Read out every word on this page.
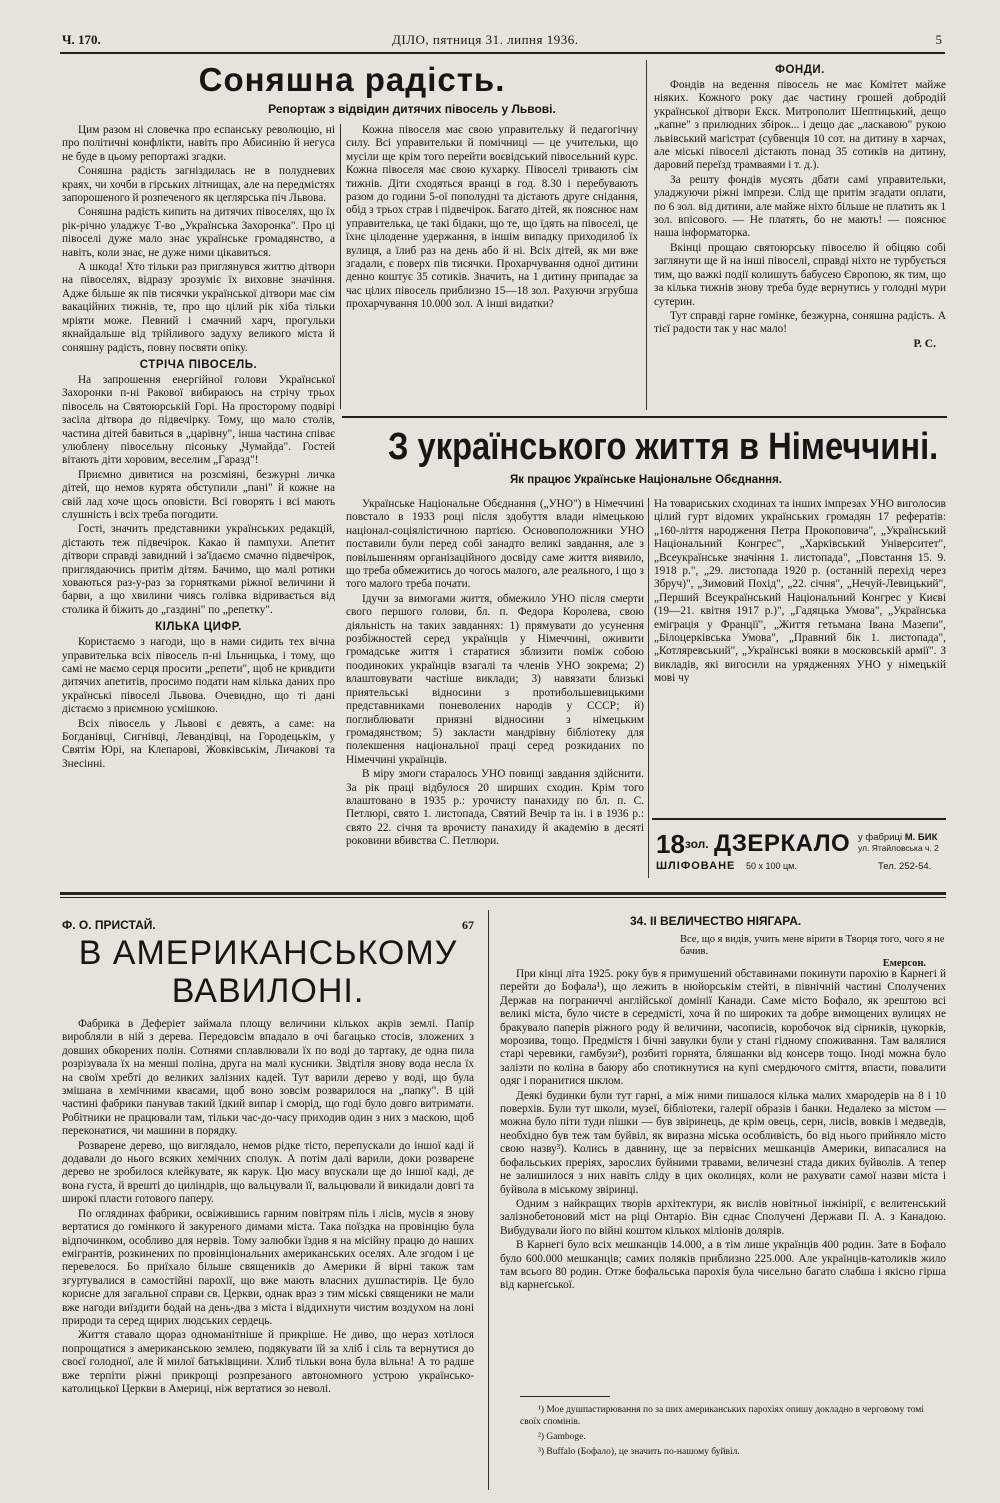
Ч. 170.	ДІЛО, пятниця 31. липня 1936.	5
Соняшна радість.
Репортаж з відвідин дитячих півосель у Львові.

Цим разом ні словечка про еспанську революцію, ні про політичні конфлікти, навіть про Абисинію й негуса не буде в цьому репортажі згадки.

Соняшна радість загніздилась не в полудневих краях, чи хочби в гірських літнищах, але на передмістях запорошеного й розпеченого як цеглярська піч Львова.

Соняшна радість кипить на дитячих півоселях, що їх рік-річно уладжує Т-во „Українська Захоронка". Про ці півоселі дуже мало знає українське громадянство, а навіть, коли знає, не дуже ними цікавиться.

А шкода! Хто тільки раз приглянувся життю дітвори на півоселях, відразу зрозуміє їх виховне значіння. Адже більше як пів тисячки української дітвори має сім вакаційних тижнів, те, про що цілий рік хіба тільки мріяти може. Певний і смачний харч, прогульки якнайдальше від трійливого задуху великого міста й соняшну радість, повну посвяти опіку.

СТРІЧА ПІВОСЕЛЬ.

На запрошення енергійної голови Української Захоронки п-ні Ракової вибираюсь на стрічу трьох півосель на Святоюрській Горі. На просторому подвірі засіла дітвора до підвечірку. Тому, що мало столів, частина дітей бавиться в „царівну", інша частина співає улюблену півосельну пісоньку „Чумайда". Гостей вітають діти хоровим, веселим „Гаразд"!

Приємно дивитися на розсміяні, безжурні личка дітей, що немов курята обступили „пані" й кожне на свій лад хоче щось оповісти. Всі говорять і всі мають слушність і всіх треба погодити.

Гості, значить представники українських редакцій, дістають теж підвечірок. Какао й пампухи. Апетит дітвори справді завидний і за'їдаємо смачно підвечірок, приглядаючись притім дітям. Бачимо, що малі ротики ховаються раз-у-раз за горнятками ріжної величини й барви, а що хвилини чиясь голівка відривається від столика й біжить до „газдині" по „репетку".

КІЛЬКА ЦИФР.

Користаємо з нагоди, що в нами сидить тех вічна управителька всіх півосель п-ні Ільницька, і тому, що самі не маємо серця просити „репети", щоб не кривдити дитячих апетитів, просимо подати нам кілька даних про українські півоселі Львова. Очевидно, що ті дані дістаємо з приємною усмішкою.

Всіх півосель у Львові є девять, а саме: на Богданівці, Сигнівці, Левандівці, на Городецькім, у Святім Юрі, на Клепарові, Жовківськім, Личакові та Знесінні.

Кожна півоселя має свою управительку й педагогічну силу. Всі управительки й помічниці — це учительки, що мусіли ще крім того перейти воєвідський півосельний курс. Кожна півоселя має свою кухарку. Півоселі тривають сім тижнів. Діти сходяться вранці в год. 8.30 і перебувають разом до години 5-ої пополудні та дістають друге снідання, обід з трьох страв і підвечірок. Багато дітей, як пояснює нам управителька, це такі бідаки, що те, що їдять на півоселі, це їхнє цілоденне удержання, в іншім випадку приходилоб їх вулиця, а їлиб раз на день або й ні. Всіх дітей, як ми вже згадали, є поверх пів тисячки. Прохарчування одної дитини денно коштує 35 сотиків. Значить, на 1 дитину припадає за час цілих півосель приблизно 15—18 зол. Рахуючи згрубша прохарчування 10.000 зол. А інші видатки?

ФОНДИ.

Фондів на ведення півосель не має Комітет майже ніяких. Кожного року дає частину грошей добродій української дітвори Екск. Митрополит Шептицький, дещо „капне" з прилюдних збірок... і дещо дає „ласкавою" рукою львівський магістрат (субвенція 10 сот. на дитину в харчах, але міські півоселі дістають понад 35 сотиків на дитину, даровий переїзд трамваями і т. д.).

За решту фондів мусять дбати самі управительки, уладжуючи ріжні імпрези. Слід ще притім згадати оплати, по 6 зол. від дитини, але майже ніхто більше не платить як 1 зол. впісового. — Не платять, бо не мають! — пояснює наша інформаторка.

Вкінці прощаю святоюрську півоселю й обіцяю собі заглянути ще й на інші півоселі, справді ніхто не турбується тим, що важкі події колишуть бабусею Європою, як тим, що за кілька тижнів знову треба буде вернутись у голодні мури сутерин.

Тут справді гарне гомінке, безжурна, соняшна радість. А тієї радости так у нас мало!

Р. С.
З українського життя в Німеччині.
Як працює Українське Національне Обєднання.

Українське Національне Обєднання („УНО") в Німеччині повстало в 1933 році після здобуття влади німецькою націонал-соціялістичною партією. Основоположники УНО поставили були перед собі занадто великі завдання, але з повільшенням організаційного досвіду саме життя виявило, що треба обмежитись до чогось малого, але реального, і що з того малого треба почати.

Ідучи за вимогами життя, обмежило УНО після смерти свого першого голови, бл. п. Федора Королева, свою діяльність на таких завданнях: 1) прямувати до усунення розбіжностей серед українців у Німеччині, оживити громадське життя і старатися зблизити поміж собою поодиноких українців взагалі та членів УНО зокрема; 2) влаштовувати частіше виклади; 3) навязати близькі приятельські відносини з протибольшевицькими представниками поневолених народів у СССР; й) поглиблювати приязні відносини з німецьким громадянством; 5) заклaсти мандрівну бібліотеку для полекшення національної праці серед розкиданих по Німеччині українців.

В міру змоги старалось УНО повищі завдання здійснити. За рік праці відбулося 20 ширших сходин. Крім того влаштовано в 1935 р.: урочисту панахиду по бл. п. С. Петлюрі, свято 1. листопада, Святий Вечір та ін. і в 1936 р.: свято 22. січня та врочисту панахиду й академію в десяті роковини вбивства С. Петлюри.

На товариських сходинах та інших імпрезах УНО виголосив цілий гурт відомих українських громадян 17 рефератів: „160-ліття народження Петра Прокоповича", „Український Національний Конгрес", „Харківський Університет", „Всеукраїнське значіння 1. листопада", „Повстання 15. 9. 1918 р.", „29. листопада 1920 р. (останній перехід через Збруч)", „Зимовий Похід", „22. січня", „Нечуй-Левицький", „Перший Всеукраїнський Національний Конгрес у Києві (19—21. квітня 1917 р.)", „Гадяцька Умова", „Українська еміграція у Франції", „Життя гетьмана Івана Мазепи", „Білоцерківська Умова", „Правний бік 1. листопада", „Котляревський", „Українські вояки в московській армії". З викладів, які вигосили на урядженнях УНО у німецькій мові чу

$18^{зол.}$ ДЗЕРКАЛО
ШЛІФОВАНЕ 50 х 100 цм.
у фабриці М. БИК
ул. Ятайловська ч. 2
Тел. 252-54.
Ф. О. ПРИСТАЙ.	67
В АМЕРИКАНСЬКОМУ
ВАВИЛОНІ.

Фабрика в Деферіет займала площу величини кількох акрів землі. Папір виробляли в ній з дерева. Передовсім впадало в очі багацько стосів, зложених з довших обкорених полін. Сотнями сплавлювали їх по воді до тартаку, де одна пила розрізувала їх на менші поліна, друга на малі кусники. Звідтіля знову вода несла їх на своїм хребті до великих залізних кадей. Тут варили дерево у воді, що була змішана в хемічними квасами, щоб воно зовсім розварилося на „папку". В цій частині фабрики панував такий їдкий випар і сморід, що годі було довго витримати. Робітники не працювали там, тільки час-до-часу приходив один з них з маскою, щоб переконатися, чи машини в порядку.

Розварене дерево, що виглядало, немов рідке тісто, перепускали до іншої каді й додавали до нього всяких хемічних сполук. А потім далі варили, доки розварене дерево не зробилося клейкувате, як карук. Цю масу впускали ще до іншої каді, де вона густа, й врешті до циліндрів, що вальцували її, вальцювали й викидали довгі та широкі пласти готового паперу.

По оглядинах фабрики, освіжившись гарним повітрям піль і лісів, мусів я знову вертатися до гомінкого й закуреного димами міста. Така поїздка на провінцію була відпочинком, особливо для нервів. Тому залюбки їздив я на місійну працю до наших емігрантів, розкинених по провінціональних американських оселях. Але згодом і це перевелося. Бо приїхало більше священиків до Америки й вірні також там згуртувалися в самостійні парохії, що вже мають власних душпастирів. Це було корисне для загальної справи св. Церкви, однак враз з тим міські священики не мали вже нагоди виїздити бодай на день-два з міста і віддихнути чистим воздухом на лоні природи та серед щирих людських сердець.

Життя ставало щораз одноманітніше й прикріше. Не диво, що нераз хотілося попрощатися з американською землею, подякувати їй за хліб і сіль та вернутися до своєї голодної, але й милої батьківщини. Хлиб тільки вона була вільна! А то радше вже терпіти ріжні прикрощі розпрезаного автономного устрою українсько-католицької Церкви в Америці, ніж вертатися зо неволі.

34. II ВЕЛИЧЕСТВО НІЯГАРА.
Все, що я видів, учить мене вірити в Творця того, чого я не бачив.
Емерсон.

При кінці літа 1925. року був я примушений обставинами покинути парохію в Карнегі й перейти до Бофала¹), що лежить в нюйорськім стейті, в північній частині Сполучених Держав на пограниччі англійської домінії Канади. Саме місто Бофало, як зрештою всі великі міста, було чисте в середмісті, хоча й по широких та добре вимощених вулицях не бракувало паперів ріжного роду й величини, часописів, коробочок від сірників, цукорків, морозива, тощо. Предмістя і бічні завулки були у стані гідному споживання. Там валялися старі черевики, гамбузи²), розбиті горнята, бляшанки від консерв тощо. Іноді можна було залізти по коліна в баюру або спотикнутися на купі смердючого сміття, впасти, повалити одяг і поранитися шклом.

Деякі будинки були тут гарні, а між ними пишалося кілька малих хмародерів на 8 і 10 поверхів. Були тут школи, музеї, бібліотеки, галерії образів і банки. Недалеко за містом — можна було піти туди пішки — був звіринець, де крім овець, серн, лисів, вовків і медведів, необхідно був теж там буйвіл, як виразна міська особливість, бо від нього прийняло місто свою назву³). Колись в давнину, ще за первісних мешканців Америки, випасалися на бофальських преріях, зарослих буйними травами, величезні стада диких буйволів. А тепер не залишилося з них навіть сліду в цих околицях, коли не рахувати самої назви міста і буйвола в міському звіринці.

Одним з найкращих творів архітектури, як вислів новітньої інжінірії, є велитенський залізнобетоновий міст на ріці Онтаріо. Він єднає Сполучені Держави П. А. з Канадою. Вибудували його по війні коштом кількох міліонів долярів.

В Карнегі було всіх мешканців 14.000, а в тім лише українців 400 родин. Зате в Бофало було 600.000 мешканців; самих поляків приблизно 225.000. Але українців-католиків жило там всього 80 родин. Отже бофальська парохія була чисельно багато слабша і якісно гірша від карнеґської.

¹) Мое душпастирювання по за ших американських парохіях опишу докладно в черговому томі своїх спомінів.

²) Gamboge.

³) Buffalo (Бофало), це значить по-нашому буйвіл.
